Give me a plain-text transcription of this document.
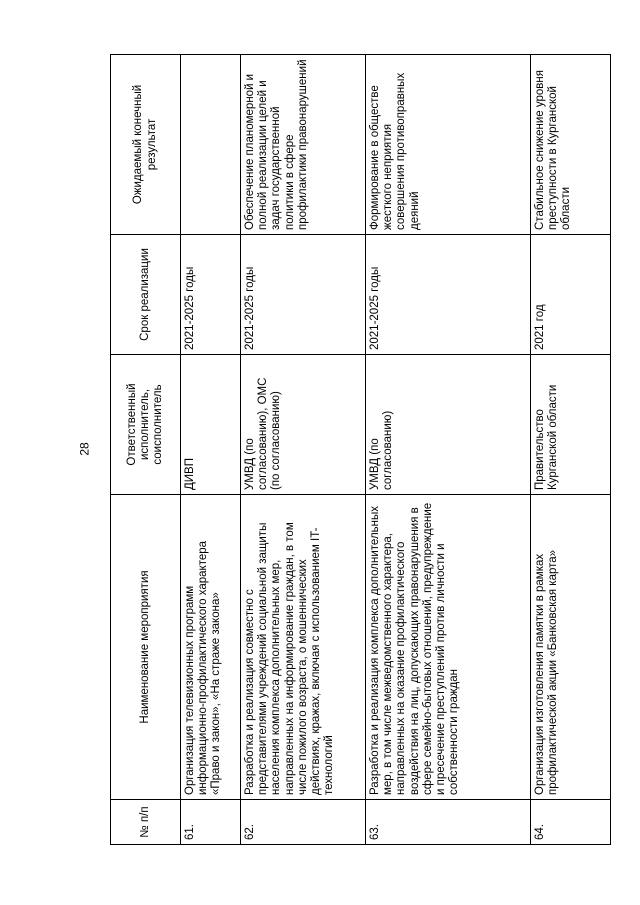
28
№ п/п	Наименование мероприятия	Ответственный исполнитель, соисполнитель	Срок реализации	Ожидаемый конечный результат
61.	Организация телевизионных программ информационно-профилактического характера «Право и закон», «На страже закона»	ДИВП	2021-2025 годы	
62.	Разработка и реализация совместно с представителями учреждений социальной защиты населения комплекса дополнительных мер, направленных на информирование граждан, в том числе пожилого возраста, о мошеннических действиях, кражах, включая с использованием IT-технологий	УМВД (по согласованию), ОМС (по согласованию)	2021-2025 годы	Обеспечение планомерной и полной реализации целей и задач государственной политики в сфере профилактики правонарушений
63.	Разработка и реализация комплекса дополнительных мер, в том числе межведомственного характера, направленных на оказание профилактического воздействия на лиц, допускающих правонарушения в сфере семейно-бытовых отношений, предупреждение и пресечение преступлений против личности и собственности граждан	УМВД (по согласованию)	2021-2025 годы	Формирование в обществе жесткого неприятия совершения противоправных деяний
64.	Организация изготовления памятки в рамках профилактической акции «Банковская карта»	Правительство Курганской области	2021 год	Стабильное снижение уровня преступности в Курганской области
